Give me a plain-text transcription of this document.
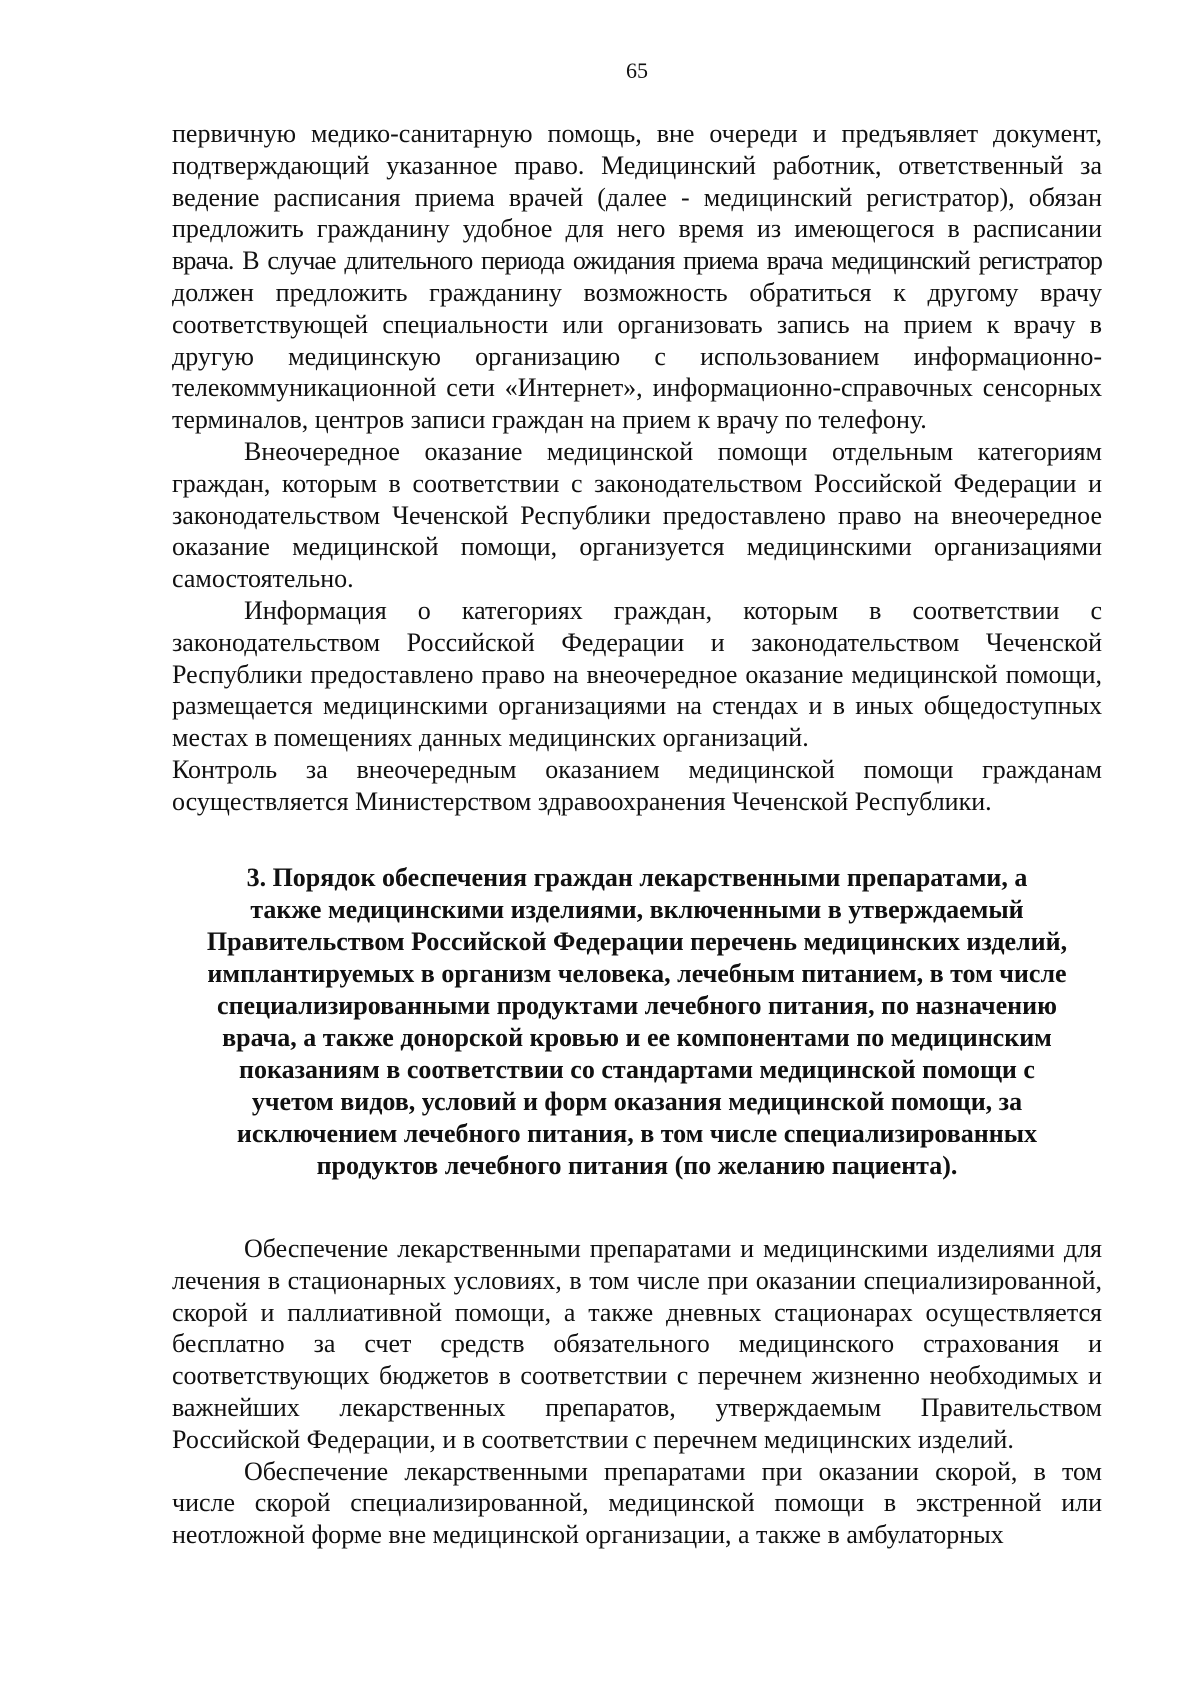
65

первичную медико-санитарную помощь, вне очереди и предъявляет документ, подтверждающий указанное право. Медицинский работник, ответственный за ведение расписания приема врачей (далее - медицинский регистратор), обязан предложить гражданину удобное для него время из имеющегося в расписании врача. В случае длительного периода ожидания приема врача медицинский регистратор должен предложить гражданину возможность обратиться к другому врачу соответствующей специальности или организовать запись на прием к врачу в другую медицинскую организацию с использованием информационно- телекоммуникационной сети «Интернет», информационно-справочных сенсорных терминалов, центров записи граждан на прием к врачу по телефону.

Внеочередное оказание медицинской помощи отдельным категориям граждан, которым в соответствии с законодательством Российской Федерации и законодательством Чеченской Республики предоставлено право на внеочередное оказание медицинской помощи, организуется медицинскими организациями самостоятельно.

Информация о категориях граждан, которым в соответствии с законодательством Российской Федерации и законодательством Чеченской Республики предоставлено право на внеочередное оказание медицинской помощи, размещается медицинскими организациями на стендах и в иных общедоступных местах в помещениях данных медицинских организаций.

Контроль за внеочередным оказанием медицинской помощи гражданам осуществляется Министерством здравоохранения Чеченской Республики.

3. Порядок обеспечения граждан лекарственными препаратами, а
также медицинскими изделиями, включенными в утверждаемый
Правительством Российской Федерации перечень медицинских изделий,
имплантируемых в организм человека, лечебным питанием, в том числе
специализированными продуктами лечебного питания, по назначению
врача, а также донорской кровью и ее компонентами по медицинским
показаниям в соответствии со стандартами медицинской помощи с
учетом видов, условий и форм оказания медицинской помощи, за
исключением лечебного питания, в том числе специализированных
продуктов лечебного питания (по желанию пациента).

Обеспечение лекарственными препаратами и медицинскими изделиями для лечения в стационарных условиях, в том числе при оказании специализированной, скорой и паллиативной помощи, а также дневных стационарах осуществляется бесплатно за счет средств обязательного медицинского страхования и соответствующих бюджетов в соответствии с перечнем жизненно необходимых и важнейших лекарственных препаратов, утверждаемым Правительством Российской Федерации, и в соответствии с перечнем медицинских изделий.

Обеспечение лекарственными препаратами при оказании скорой, в том числе скорой специализированной, медицинской помощи в экстренной или неотложной форме вне медицинской организации, а также в амбулаторных
